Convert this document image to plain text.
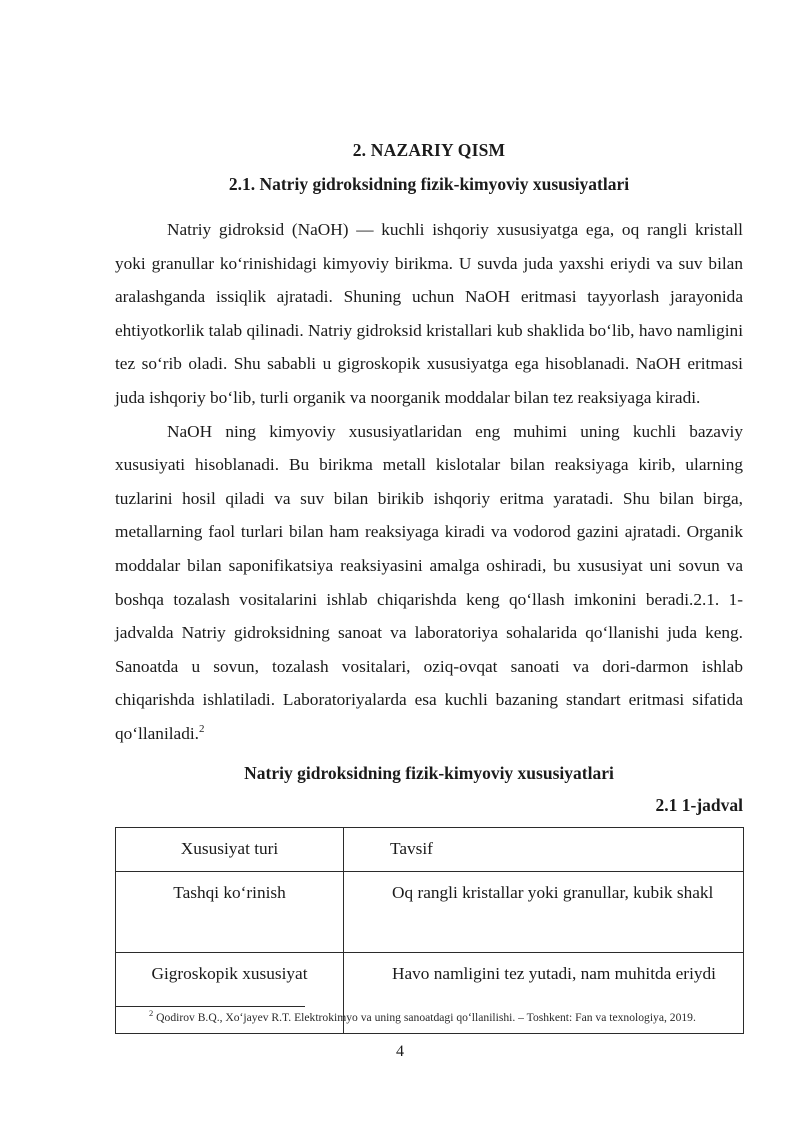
2. NAZARIY QISM
2.1. Natriy gidroksidning fizik-kimyoviy xususiyatlari

Natriy gidroksid (NaOH) — kuchli ishqoriy xususiyatga ega, oq rangli kristall yoki granullar ko‘rinishidagi kimyoviy birikma. U suvda juda yaxshi eriydi va suv bilan aralashganda issiqlik ajratadi. Shuning uchun NaOH eritmasi tayyorlash jarayonida ehtiyotkorlik talab qilinadi. Natriy gidroksid kristallari kub shaklida bo‘lib, havo namligini tez so‘rib oladi. Shu sababli u gigroskopik xususiyatga ega hisoblanadi. NaOH eritmasi juda ishqoriy bo‘lib, turli organik va noorganik moddalar bilan tez reaksiyaga kiradi.

NaOH ning kimyoviy xususiyatlaridan eng muhimi uning kuchli bazaviy xususiyati hisoblanadi. Bu birikma metall kislotalar bilan reaksiyaga kirib, ularning tuzlarini hosil qiladi va suv bilan birikib ishqoriy eritma yaratadi. Shu bilan birga, metallarning faol turlari bilan ham reaksiyaga kiradi va vodorod gazini ajratadi. Organik moddalar bilan saponifikatsiya reaksiyasini amalga oshiradi, bu xususiyat uni sovun va boshqa tozalash vositalarini ishlab chiqarishda keng qo‘llash imkonini beradi.2.1. 1-jadvalda Natriy gidroksidning sanoat va laboratoriya sohalarida qo‘llanishi juda keng. Sanoatda u sovun, tozalash vositalari, oziq-ovqat sanoati va dori-darmon ishlab chiqarishda ishlatiladi. Laboratoriyalarda esa kuchli bazaning standart eritmasi sifatida qo‘llaniladi.$^2$

Natriy gidroksidning fizik-kimyoviy xususiyatlari
2.1 1-jadval
Xususiyat turi	Tavsif
Tashqi ko‘rinish	Oq rangli kristallar yoki granullar, kubik shakl
Gigroskopik xususiyat	Havo namligini tez yutadi, nam muhitda eriydi

$^2$ Qodirov B.Q., Xo‘jayev R.T. Elektrokimyo va uning sanoatdagi qo‘llanilishi. – Toshkent: Fan va texnologiya, 2019.

4
